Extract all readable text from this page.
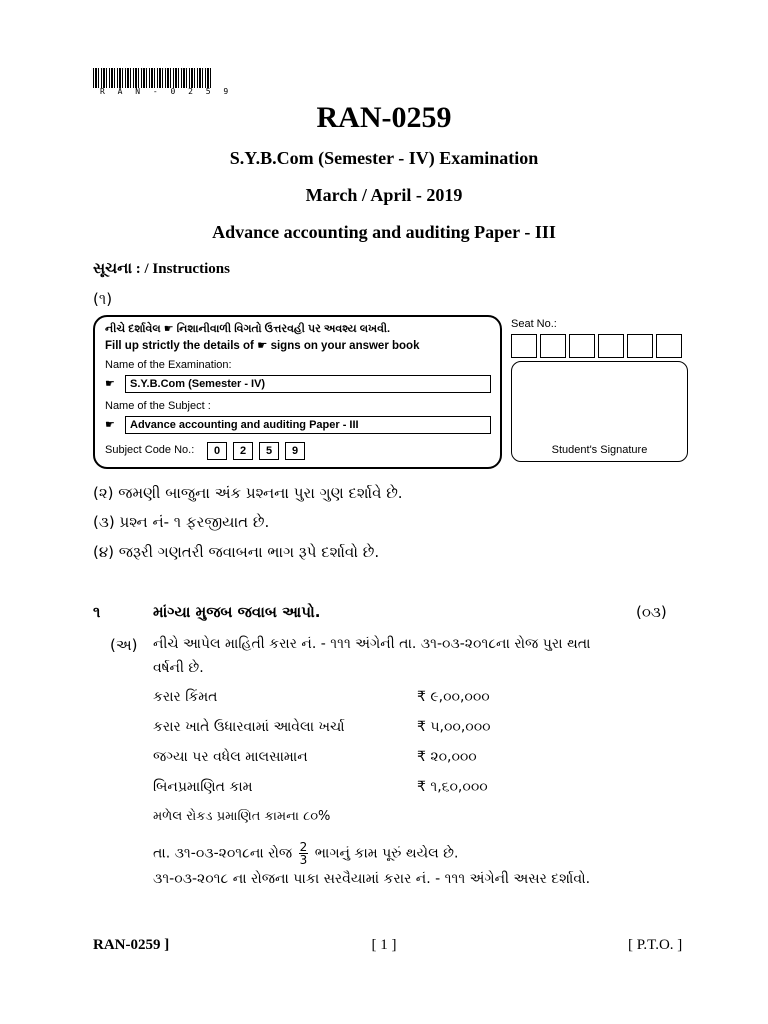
R A N - 0 2 5 9
RAN-0259
S.Y.B.Com (Semester - IV) Examination
March / April - 2019
Advance accounting and auditing Paper - III
સૂચના : / Instructions
(૧)
નીચે દર્શાવેલ ☛ નિશાનીવાળી વિગતો ઉત્તરવહી પર અવશ્ય લખવી.
Fill up strictly the details of ☛ signs on your answer book
Name of the Examination:
☛	S.Y.B.Com (Semester - IV)
Name of the Subject :
☛	Advance accounting and auditing Paper - III
Subject Code No.:	0	2	5	9
Seat No.:
Student's Signature
(૨) જમણી બાજુના અંક પ્રશ્નના પુરા ગુણ દર્શાવે છે.
(૩) પ્રશ્ન નં- ૧ ફરજીયાત છે.
(૪) જરૂરી ગણતરી જવાબના ભાગ રૂપે દર્શાવો છે.
૧	માંગ્યા મુજબ જવાબ આપો.	(૦૩)
(અ) નીચે આપેલ માહિતી કરાર નં. - ૧૧૧ અંગેની તા. ૩૧-૦૩-૨૦૧૮ના રોજ પુરા થતા
વર્ષની છે.
કરાર કિંમત	₹ ૯,૦૦,૦૦૦
કરાર ખાતે ઉધારવામાં આવેલા ખર્ચા	₹ ૫,૦૦,૦૦૦
જગ્યા પર વધેલ માલસામાન	₹ ૨૦,૦૦૦
બિનપ્રમાણિત કામ	₹ ૧,૬૦,૦૦૦
મળેલ રોકડ પ્રમાણિત કામના ૮૦%
તા. ૩૧-૦૩-૨૦૧૮ના રોજ $\frac{2}{3}$ ભાગનું કામ પૂરું થયેલ છે.
૩૧-૦૩-૨૦૧૮ ના રોજના પાકા સરવૈયામાં કરાર નં. - ૧૧૧ અંગેની અસર દર્શાવો.
RAN-0259 ]	[ 1 ]	[ P.T.O. ]
